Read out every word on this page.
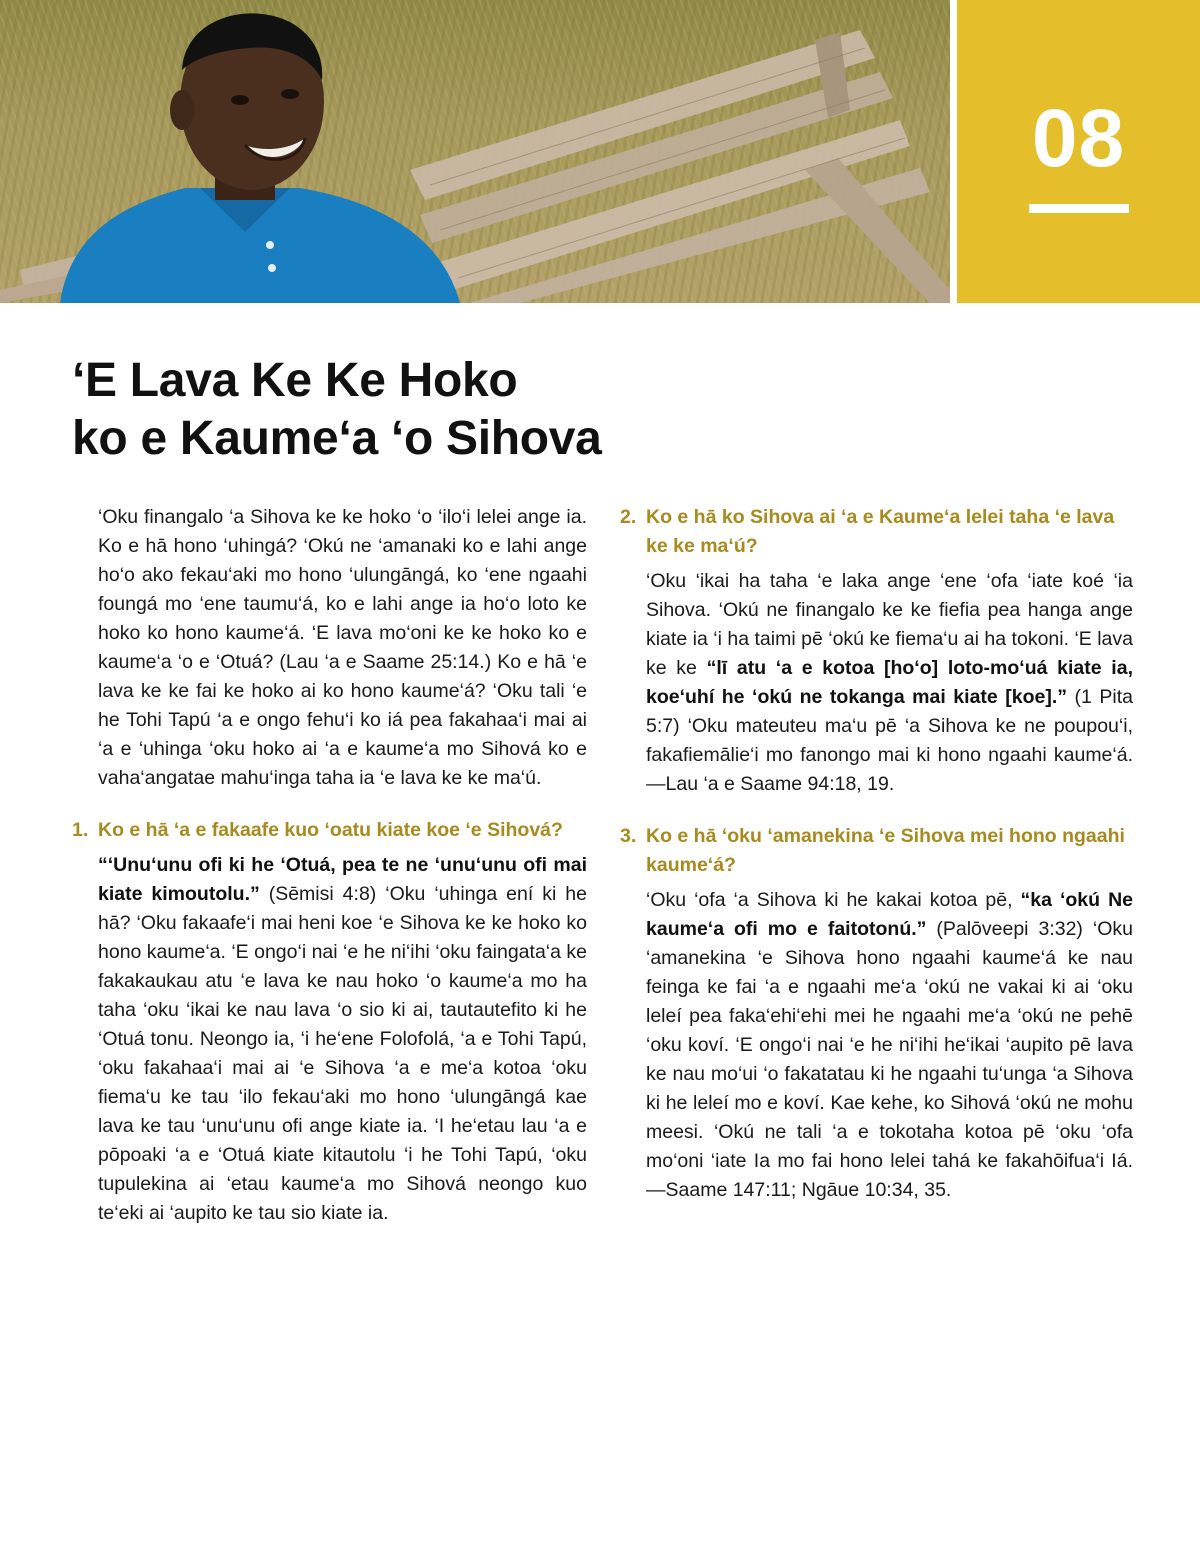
08
‘E Lava Ke Ke Hoko
ko e Kaume‘a ‘o Sihova

‘Oku finangalo ‘a Sihova ke ke hoko ‘o ‘ilo‘i lelei ange ia. Ko e hā hono ‘uhingá? ‘Okú ne ‘amanaki ko e lahi ange ho‘o ako fekau‘aki mo hono ‘ulungāngá, ko ‘ene ngaahi foungá mo ‘ene taumu‘á, ko e lahi ange ia ho‘o loto ke hoko ko hono kaume‘á. ‘E lava mo‘oni ke ke hoko ko e kaume‘a ‘o e ‘Otuá? (Lau ‘a e Saame 25:14.) Ko e hā ‘e lava ke ke fai ke hoko ai ko hono kaume‘á? ‘Oku tali ‘e he Tohi Tapú ‘a e ongo fehu‘i ko iá pea fakahaa‘i mai ai ‘a e ‘uhinga ‘oku hoko ai ‘a e kaume‘a mo Sihová ko e vaha‘angatae mahu‘inga taha ia ‘e lava ke ke ma‘ú.

1. Ko e hā ‘a e fakaafe kuo ‘oatu kiate koe ‘e Sihová?

“‘Unu‘unu ofi ki he ‘Otuá, pea te ne ‘unu‘unu ofi mai kiate kimoutolu.” (Sēmisi 4:8) ‘Oku ‘uhinga ení ki he hā? ‘Oku fakaafe‘i mai heni koe ‘e Sihova ke ke hoko ko hono kaume‘a. ‘E ongo‘i nai ‘e he ni‘ihi ‘oku faingata‘a ke fakakaukau atu ‘e lava ke nau hoko ‘o kaume‘a mo ha taha ‘oku ‘ikai ke nau lava ‘o sio ki ai, tautautefito ki he ‘Otuá tonu. Neongo ia, ‘i he‘ene Folofolá, ‘a e Tohi Tapú, ‘oku fakahaa‘i mai ai ‘e Sihova ‘a e me‘a kotoa ‘oku fiema‘u ke tau ‘ilo fekau‘aki mo hono ‘ulungāngá kae lava ke tau ‘unu‘unu ofi ange kiate ia. ‘I he‘etau lau ‘a e pōpoaki ‘a e ‘Otuá kiate kitautolu ‘i he Tohi Tapú, ‘oku tupulekina ai ‘etau kaume‘a mo Sihová neongo kuo te‘eki ai ‘aupito ke tau sio kiate ia.

2. Ko e hā ko Sihova ai ‘a e Kaume‘a lelei taha ‘e lava ke ke ma‘ú?

‘Oku ‘ikai ha taha ‘e laka ange ‘ene ‘ofa ‘iate koé ‘ia Sihova. ‘Okú ne finangalo ke ke fiefia pea hanga ange kiate ia ‘i ha taimi pē ‘okú ke fiema‘u ai ha tokoni. ‘E lava ke ke “lī atu ‘a e kotoa [ho‘o] loto-mo‘uá kiate ia, koe‘uhí he ‘okú ne tokanga mai kiate [koe].” (1 Pita 5:7) ‘Oku mateuteu ma‘u pē ‘a Sihova ke ne poupou‘i, fakafiemālie‘i mo fanongo mai ki hono ngaahi kaume‘á.—Lau ‘a e Saame 94:18, 19.

3. Ko e hā ‘oku ‘amanekina ‘e Sihova mei hono ngaahi kaume‘á?

‘Oku ‘ofa ‘a Sihova ki he kakai kotoa pē, “ka ‘okú Ne kaume‘a ofi mo e faitotonú.” (Palōveepi 3:32) ‘Oku ‘amanekina ‘e Sihova hono ngaahi kaume‘á ke nau feinga ke fai ‘a e ngaahi me‘a ‘okú ne vakai ki ai ‘oku leleí pea faka‘ehi‘ehi mei he ngaahi me‘a ‘okú ne pehē ‘oku koví. ‘E ongo‘i nai ‘e he ni‘ihi he‘ikai ‘aupito pē lava ke nau mo‘ui ‘o fakatatau ki he ngaahi tu‘unga ‘a Sihova ki he leleí mo e koví. Kae kehe, ko Sihová ‘okú ne mohu meesi. ‘Okú ne tali ‘a e tokotaha kotoa pē ‘oku ‘ofa mo‘oni ‘iate Ia mo fai hono lelei tahá ke fakahōifua‘i Iá.—Saame 147:11; Ngāue 10:34, 35.
